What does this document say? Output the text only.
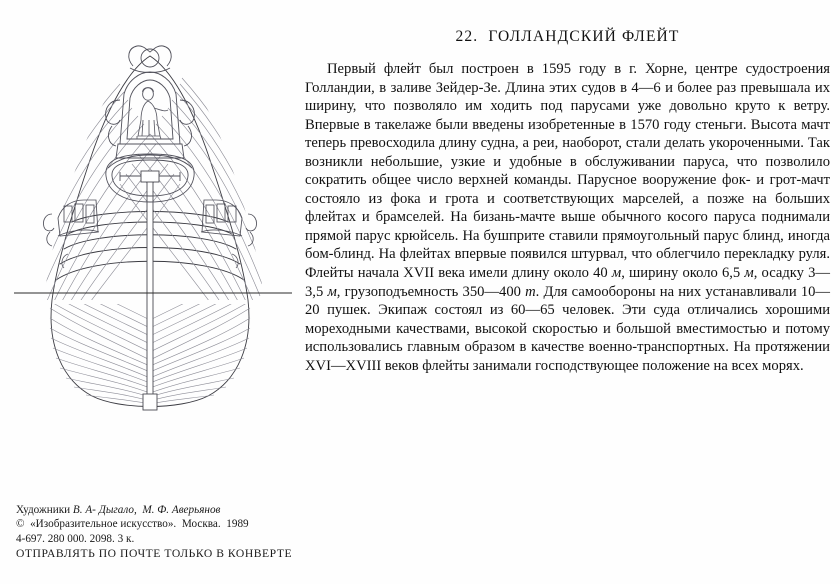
22.  ГОЛЛАНДСКИЙ ФЛЕЙТ

Первый флейт был построен в 1595 году в г. Хорне, центре судостроения Голландии, в заливе Зейдер-Зе. Длина этих судов в 4—6 и более раз превышала их ширину, что позволяло им ходить под парусами уже довольно круто к ветру. Впервые в такелаже были введены изобретенные в 1570 году стеньги. Высота мачт теперь превосходила длину судна, а реи, наоборот, стали делать укороченными. Так возникли небольшие, узкие и удобные в обслуживании паруса, что позволило сократить общее число верхней команды. Парусное вооружение фок- и грот-мачт состояло из фока и грота и соответствующих марселей, а позже на больших флейтах и брамселей. На бизань-мачте выше обычного косого паруса поднимали прямой парус крюйсель. На бушприте ставили прямоугольный парус блинд, иногда бом-блинд. На флейтах впервые появился штурвал, что облегчило перекладку руля. Флейты начала XVII века имели длину около 40 м, ширину около 6,5 м, осадку 3—3,5 м, грузоподъемность 350—400 т. Для самообороны на них устанавливали 10—20 пушек. Экипаж состоял из 60—65 человек. Эти суда отличались хорошими мореходными качествами, высокой скоростью и большой вместимостью и потому использовались главным образом в качестве военно-транспортных. На протяжении XVI—XVIII веков флейты занимали господствующее положение на всех морях.

Художники В. А- Дыгало,  М. Ф. Аверьянов
©  «Изобразительное искусство».  Москва.  1989
4-697. 280 000. 2098. 3 к.
ОТПРАВЛЯТЬ ПО ПОЧТЕ ТОЛЬКО В КОНВЕРТЕ
